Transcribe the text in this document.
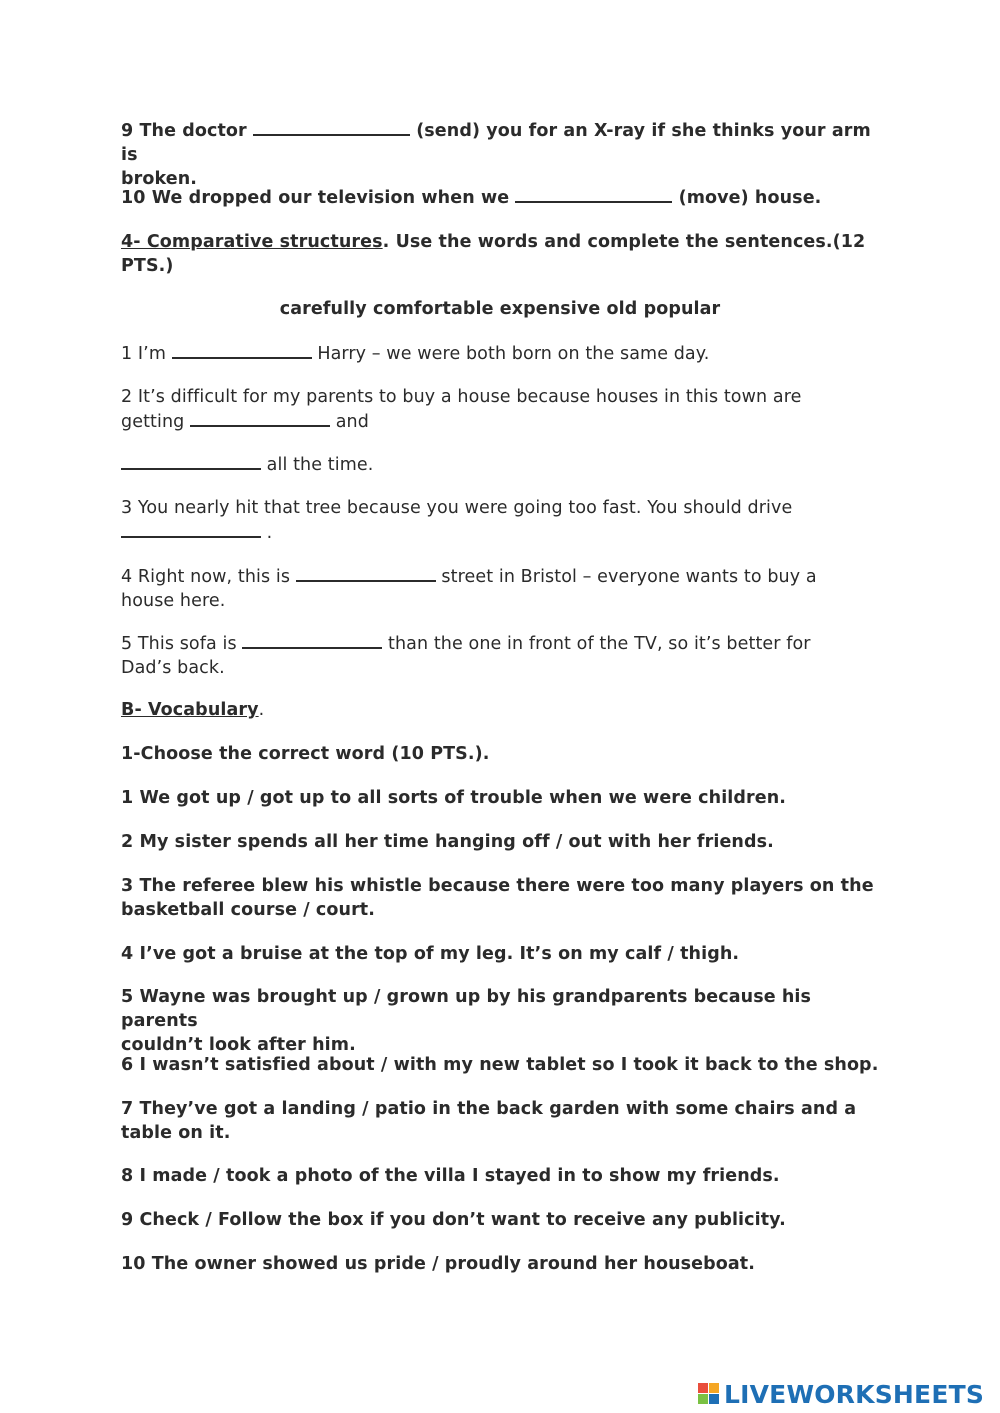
9 The doctor	(send) you for an X-ray if she thinks your arm is
broken.

10 We dropped our television when we	(move) house.

4- Comparative structures. Use the words and complete the sentences.(12
PTS.)

carefully comfortable expensive old popular

1 I’m	Harry – we were both born on the same day.

2 It’s difficult for my parents to buy a house because houses in this town are
getting	and

all the time.

3 You nearly hit that tree because you were going too fast. You should drive
.

4 Right now, this is	street in Bristol – everyone wants to buy a
house here.

5 This sofa is	than the one in front of the TV, so it’s better for
Dad’s back.

B- Vocabulary.

1-Choose the correct word (10 PTS.).

1 We got up / got up to all sorts of trouble when we were children.

2 My sister spends all her time hanging off / out with her friends.

3 The referee blew his whistle because there were too many players on the
basketball course / court.

4 I’ve got a bruise at the top of my leg. It’s on my calf / thigh.

5 Wayne was brought up / grown up by his grandparents because his parents
couldn’t look after him.

6 I wasn’t satisfied about / with my new tablet so I took it back to the shop.

7 They’ve got a landing / patio in the back garden with some chairs and a
table on it.

8 I made / took a photo of the villa I stayed in to show my friends.

9 Check / Follow the box if you don’t want to receive any publicity.

10 The owner showed us pride / proudly around her houseboat.

LIVEWORKSHEETS
